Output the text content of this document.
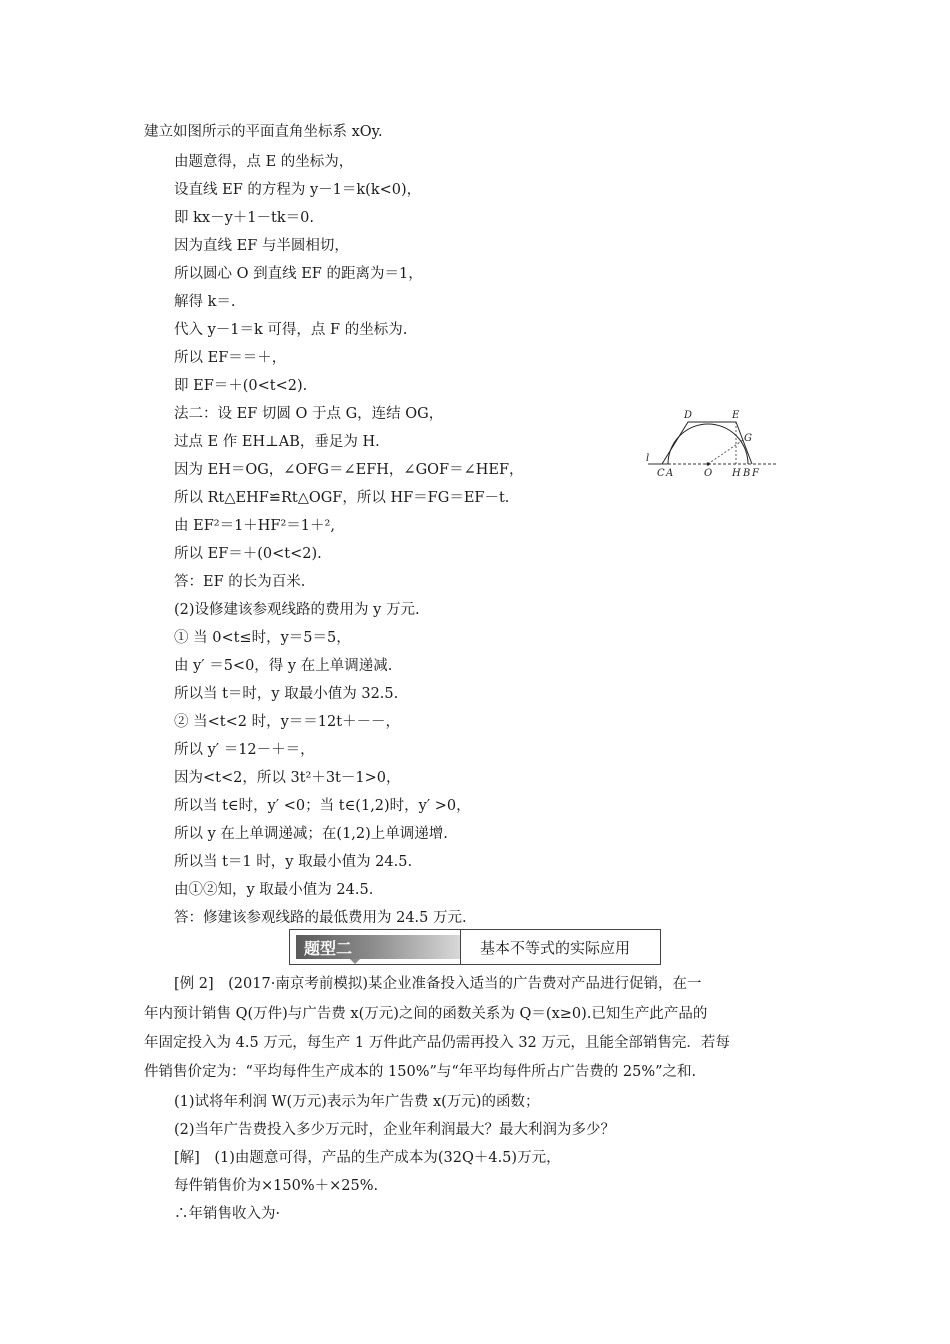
建立如图所示的平面直角坐标系 xOy.
由题意得，点 E 的坐标为，
设直线 EF 的方程为 y－1＝k(k<0)，
即 kx－y＋1－tk＝0.
因为直线 EF 与半圆相切，
所以圆心 O 到直线 EF 的距离为＝1，
解得 k＝.
代入 y－1＝k 可得，点 F 的坐标为.
所以 EF＝＝＋，
即 EF＝＋(0<t<2).
法二：设 EF 切圆 O 于点 G，连结 OG，
过点 E 作 EH⊥AB，垂足为 H.
因为 EH＝OG，∠OFG＝∠EFH，∠GOF＝∠HEF，
所以 Rt△EHF≌Rt△OGF，所以 HF＝FG＝EF－t.
由 EF²＝1＋HF²＝1＋²,
所以 EF＝＋(0<t<2).
答：EF 的长为百米.
(2)设修建该参观线路的费用为 y 万元.
① 当 0<t≤时，y＝5＝5，
由 y′ ＝5<0，得 y 在上单调递减.
所以当 t＝时，y 取最小值为 32.5.
② 当<t<2 时，y＝＝12t＋－－，
所以 y′ ＝12－＋＝，
因为<t<2，所以 3t²＋3t－1>0，
所以当 t∈时，y′ <0；当 t∈(1,2)时，y′ >0，
所以 y 在上单调递减；在(1,2)上单调递增.
所以当 t＝1 时，y 取最小值为 24.5.
由①②知，y 取最小值为 24.5.
答：修建该参观线路的最低费用为 24.5 万元.
题型二	基本不等式的实际应用
[例 2]　(2017·南京考前模拟)某企业准备投入适当的广告费对产品进行促销，在一
年内预计销售 Q(万件)与广告费 x(万元)之间的函数关系为 Q＝(x≥0).已知生产此产品的
年固定投入为 4.5 万元，每生产 1 万件此产品仍需再投入 32 万元，且能全部销售完．若每
件销售价定为：“平均每件生产成本的 150%”与“年平均每件所占广告费的 25%”之和.
(1)试将年利润 W(万元)表示为年广告费 x(万元)的函数；
(2)当年广告费投入多少万元时，企业年利润最大？最大利润为多少？
[解]　(1)由题意可得，产品的生产成本为(32Q＋4.5)万元，
每件销售价为×150%＋×25%.
∴年销售收入为·
D	E
G
l
C A	O H B F
